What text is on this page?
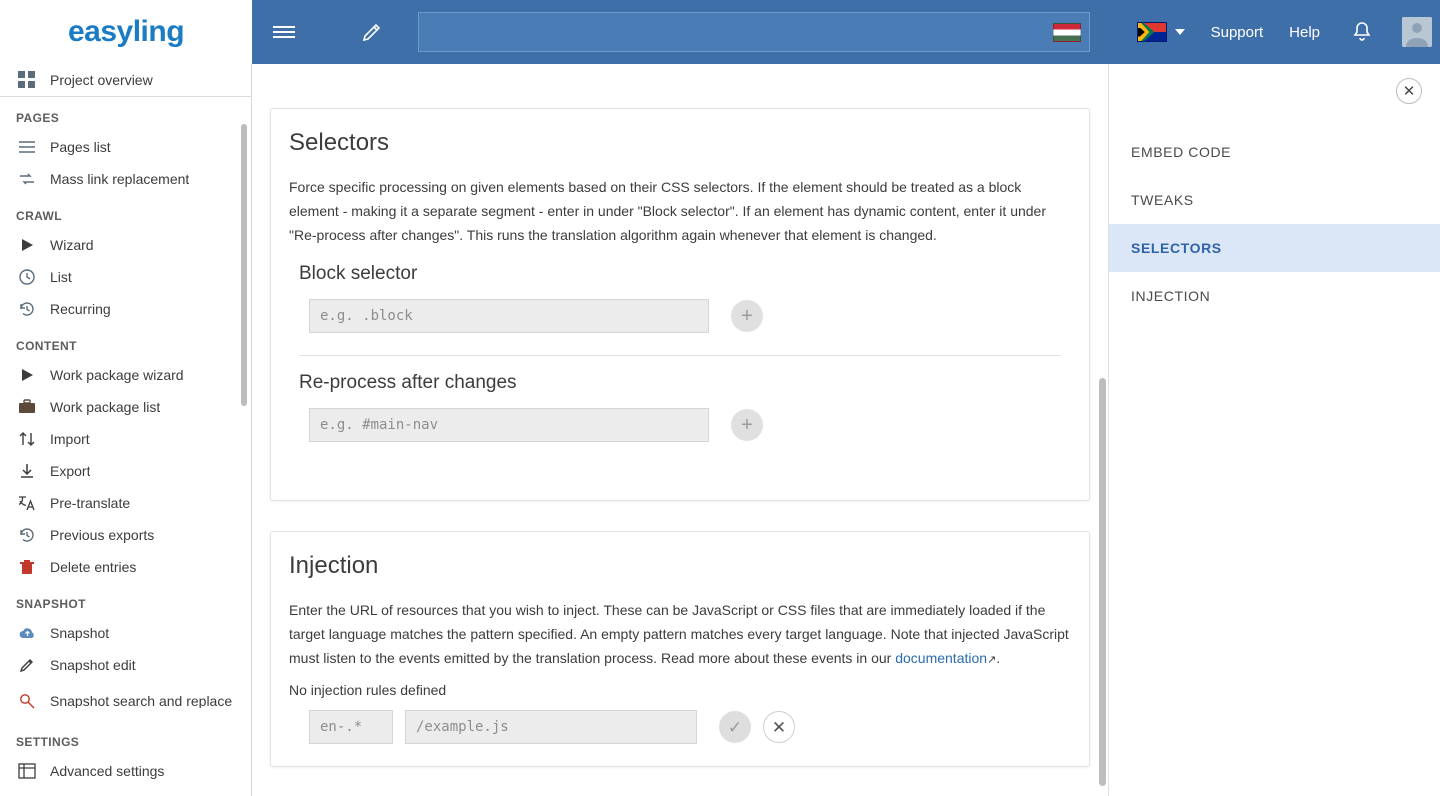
easyling	Support Help
Project overview
PAGES
Pages list
Mass link replacement
CRAWL
Wizard
List
Recurring
CONTENT
Work package wizard
Work package list
Import
Export
Pre-translate
Previous exports
Delete entries
SNAPSHOT
Snapshot
Snapshot edit
Snapshot search and replace
SETTINGS
Advanced settings
Selectors

Force specific processing on given elements based on their CSS selectors. If the element should be treated as a block element - making it a separate segment - enter in under "Block selector". If an element has dynamic content, enter it under "Re-process after changes". This runs the translation algorithm again whenever that element is changed.

Block selector
e.g. .block
+
Re-process after changes
e.g. #main-nav
+
Injection

Enter the URL of resources that you wish to inject. These can be JavaScript or CSS files that are immediately loaded if the target language matches the pattern specified. An empty pattern matches every target language. Note that injected JavaScript must listen to the events emitted by the translation process. Read more about these events in our documentation↗.

No injection rules defined

en-.*
/example.js
✓	✕
✕
EMBED CODE
TWEAKS
SELECTORS
INJECTION
